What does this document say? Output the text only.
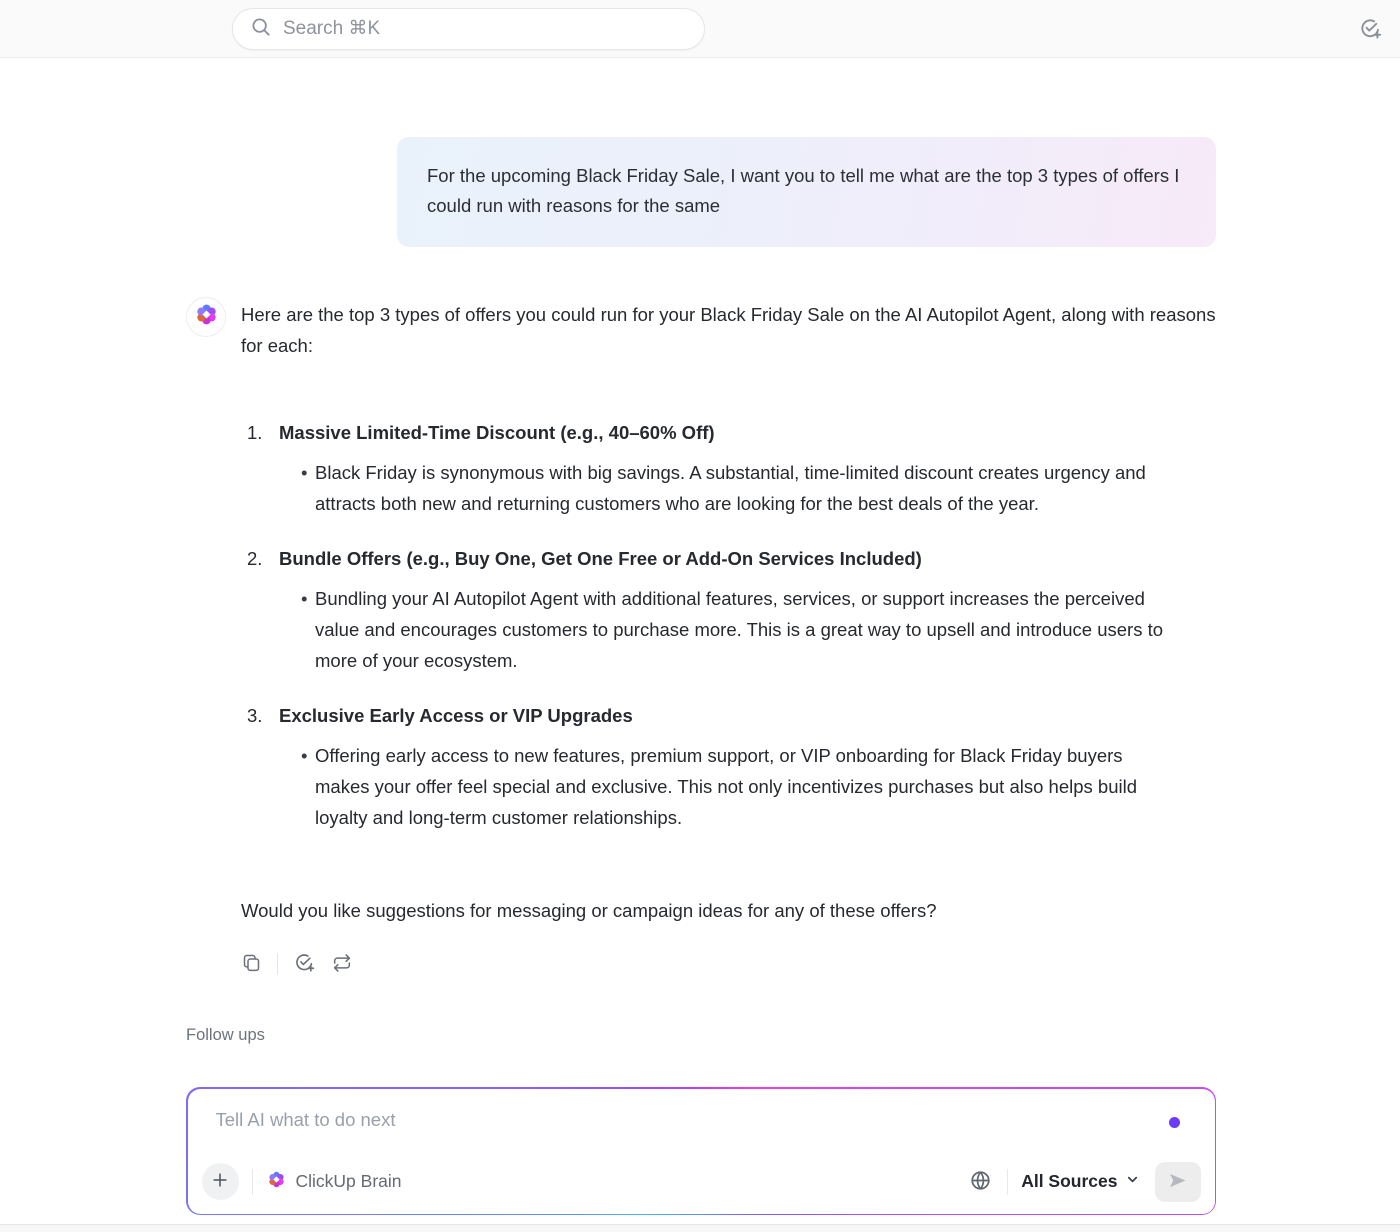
Search ⌘K
For the upcoming Black Friday Sale, I want you to tell me what are the top 3 types of offers I could run with reasons for the same

Here are the top 3 types of offers you could run for your Black Friday Sale on the AI Autopilot Agent, along with reasons for each:

1. Massive Limited-Time Discount (e.g., 40–60% Off)

• Black Friday is synonymous with big savings. A substantial, time-limited discount creates urgency and attracts both new and returning customers who are looking for the best deals of the year.

2. Bundle Offers (e.g., Buy One, Get One Free or Add-On Services Included)

• Bundling your AI Autopilot Agent with additional features, services, or support increases the perceived value and encourages customers to purchase more. This is a great way to upsell and introduce users to more of your ecosystem.

3. Exclusive Early Access or VIP Upgrades

• Offering early access to new features, premium support, or VIP onboarding for Black Friday buyers makes your offer feel special and exclusive. This not only incentivizes purchases but also helps build loyalty and long-term customer relationships.

Would you like suggestions for messaging or campaign ideas for any of these offers?

Follow ups
Tell AI what to do next
ClickUp Brain	All Sources
